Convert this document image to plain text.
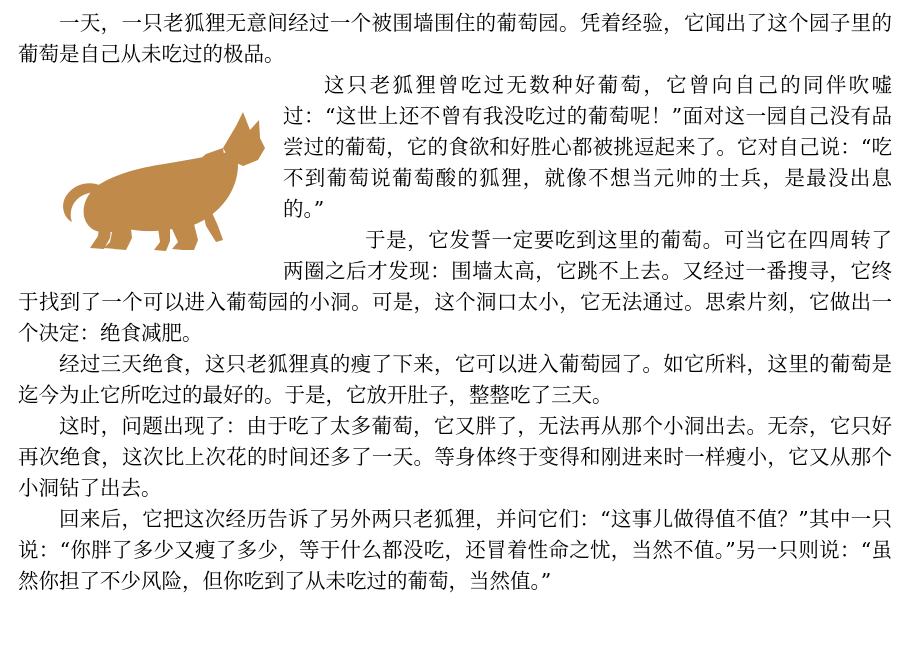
一天，一只老狐狸无意间经过一个被围墙围住的葡萄园。凭着经验，它闻出了这个园子里的葡萄是自己从未吃过的极品。

这只老狐狸曾吃过无数种好葡萄，它曾向自己的同伴吹嘘过：“这世上还不曾有我没吃过的葡萄呢！”面对这一园自己没有品尝过的葡萄，它的食欲和好胜心都被挑逗起来了。它对自己说：“吃不到葡萄说葡萄酸的狐狸，就像不想当元帅的士兵，是最没出息的。”

于是，它发誓一定要吃到这里的葡萄。可当它在四周转了两圈之后才发现：围墙太高，它跳不上去。又经过一番搜寻，它终于找到了一个可以进入葡萄园的小洞。可是，这个洞口太小，它无法通过。思索片刻，它做出一个决定：绝食减肥。

经过三天绝食，这只老狐狸真的瘦了下来，它可以进入葡萄园了。如它所料，这里的葡萄是迄今为止它所吃过的最好的。于是，它放开肚子，整整吃了三天。

这时，问题出现了：由于吃了太多葡萄，它又胖了，无法再从那个小洞出去。无奈，它只好再次绝食，这次比上次花的时间还多了一天。等身体终于变得和刚进来时一样瘦小，它又从那个小洞钻了出去。

回来后，它把这次经历告诉了另外两只老狐狸，并问它们：“这事儿做得值不值？”其中一只说：“你胖了多少又瘦了多少，等于什么都没吃，还冒着性命之忧，当然不值。”另一只则说：“虽然你担了不少风险，但你吃到了从未吃过的葡萄，当然值。”
